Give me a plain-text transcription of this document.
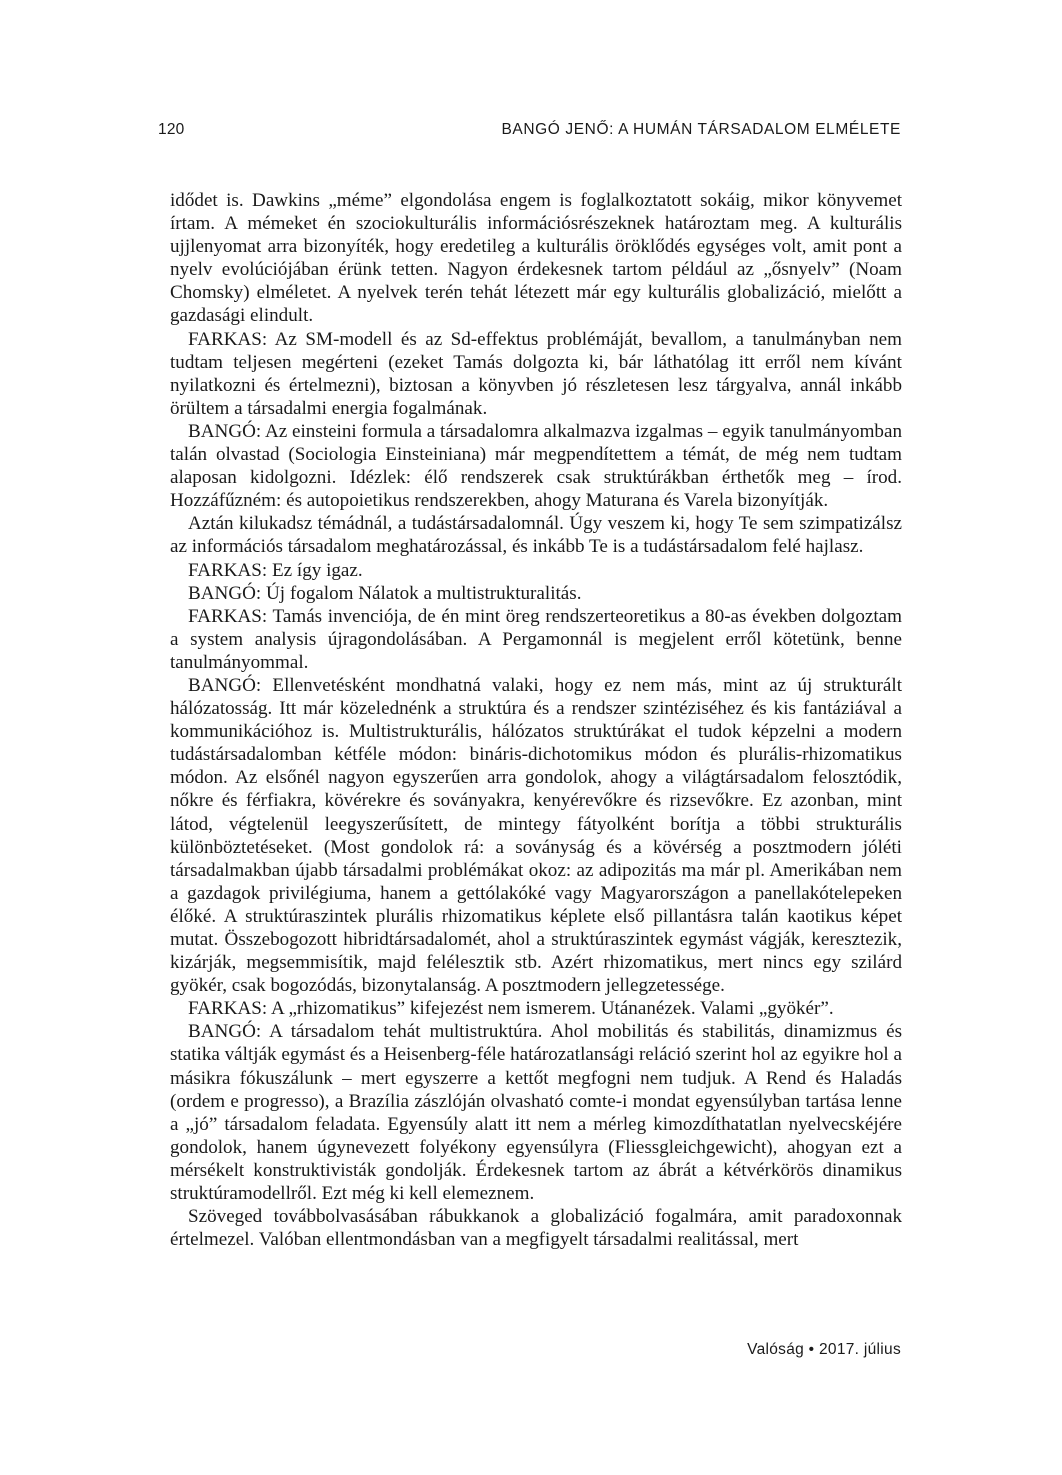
120	BANGÓ JENŐ: A HUMÁN TÁRSADALOM ELMÉLETE

idődet is. Dawkins „méme” elgondolása engem is foglalkoztatott sokáig, mikor könyvemet írtam. A mémeket én szociokulturális információsrészeknek határoztam meg. A kulturális ujjlenyomat arra bizonyíték, hogy eredetileg a kulturális öröklődés egységes volt, amit pont a nyelv evolúciójában érünk tetten. Nagyon érdekesnek tartom például az „ősnyelv” (Noam Chomsky) elméletet. A nyelvek terén tehát létezett már egy kulturális globalizáció, mielőtt a gazdasági elindult.

FARKAS: Az SM-modell és az Sd-effektus problémáját, bevallom, a tanulmányban nem tudtam teljesen megérteni (ezeket Tamás dolgozta ki, bár láthatólag itt erről nem kívánt nyilatkozni és értelmezni), biztosan a könyvben jó részletesen lesz tárgyalva, annál inkább örültem a társadalmi energia fogalmának.

BANGÓ: Az einsteini formula a társadalomra alkalmazva izgalmas – egyik tanulmányomban talán olvastad (Sociologia Einsteiniana) már megpendítettem a témát, de még nem tudtam alaposan kidolgozni. Idézlek: élő rendszerek csak struktúrákban érthetők meg – írod. Hozzáfűzném: és autopoietikus rendszerekben, ahogy Maturana és Varela bizonyítják.

Aztán kilukadsz témádnál, a tudástársadalomnál. Úgy veszem ki, hogy Te sem szimpatizálsz az információs társadalom meghatározással, és inkább Te is a tudástársadalom felé hajlasz.

FARKAS: Ez így igaz.

BANGÓ: Új fogalom Nálatok a multistrukturalitás.

FARKAS: Tamás invenciója, de én mint öreg rendszerteoretikus a 80-as években dolgoztam a system analysis újragondolásában. A Pergamonnál is megjelent erről kötetünk, benne tanulmányommal.

BANGÓ: Ellenvetésként mondhatná valaki, hogy ez nem más, mint az új strukturált hálózatosság. Itt már közelednénk a struktúra és a rendszer szintéziséhez és kis fantáziával a kommunikációhoz is. Multistrukturális, hálózatos struktúrákat el tudok képzelni a modern tudástársadalomban kétféle módon: bináris-dichotomikus módon és plurális-rhizomatikus módon. Az elsőnél nagyon egyszerűen arra gondolok, ahogy a világtársadalom felosztódik, nőkre és férfiakra, kövérekre és soványakra, kenyérevőkre és rizsevőkre. Ez azonban, mint látod, végtelenül leegyszerűsített, de mintegy fátyolként borítja a többi strukturális különböztetéseket. (Most gondolok rá: a soványság és a kövérség a posztmodern jóléti társadalmakban újabb társadalmi problémákat okoz: az adipozitás ma már pl. Amerikában nem a gazdagok privilégiuma, hanem a gettólakóké vagy Magyarországon a panellakótelepeken élőké. A struktúraszintek plurális rhizomatikus képlete első pillantásra talán kaotikus képet mutat. Összebogozott hibridtársadalomét, ahol a struktúraszintek egymást vágják, keresztezik, kizárják, megsemmisítik, majd felélesztik stb. Azért rhizomatikus, mert nincs egy szilárd gyökér, csak bogozódás, bizonytalanság. A posztmodern jellegzetessége.

FARKAS: A „rhizomatikus” kifejezést nem ismerem. Utánanézek. Valami „gyökér”.

BANGÓ: A társadalom tehát multistruktúra. Ahol mobilitás és stabilitás, dinamizmus és statika váltják egymást és a Heisenberg-féle határozatlansági reláció szerint hol az egyikre hol a másikra fókuszálunk – mert egyszerre a kettőt megfogni nem tudjuk. A Rend és Haladás (ordem e progresso), a Brazília zászlóján olvasható comte-i mondat egyensúlyban tartása lenne a „jó” társadalom feladata. Egyensúly alatt itt nem a mérleg kimozdíthatatlan nyelvecskéjére gondolok, hanem úgynevezett folyékony egyensúlyra (Fliessgleichgewicht), ahogyan ezt a mérsékelt konstruktivisták gondolják. Érdekesnek tartom az ábrát a kétvérkörös dinamikus struktúramodellről. Ezt még ki kell elemeznem.

Szöveged továbbolvasásában rábukkanok a globalizáció fogalmára, amit paradoxonnak értelmezel. Valóban ellentmondásban van a megfigyelt társadalmi realitással, mert

Valóság • 2017. július
